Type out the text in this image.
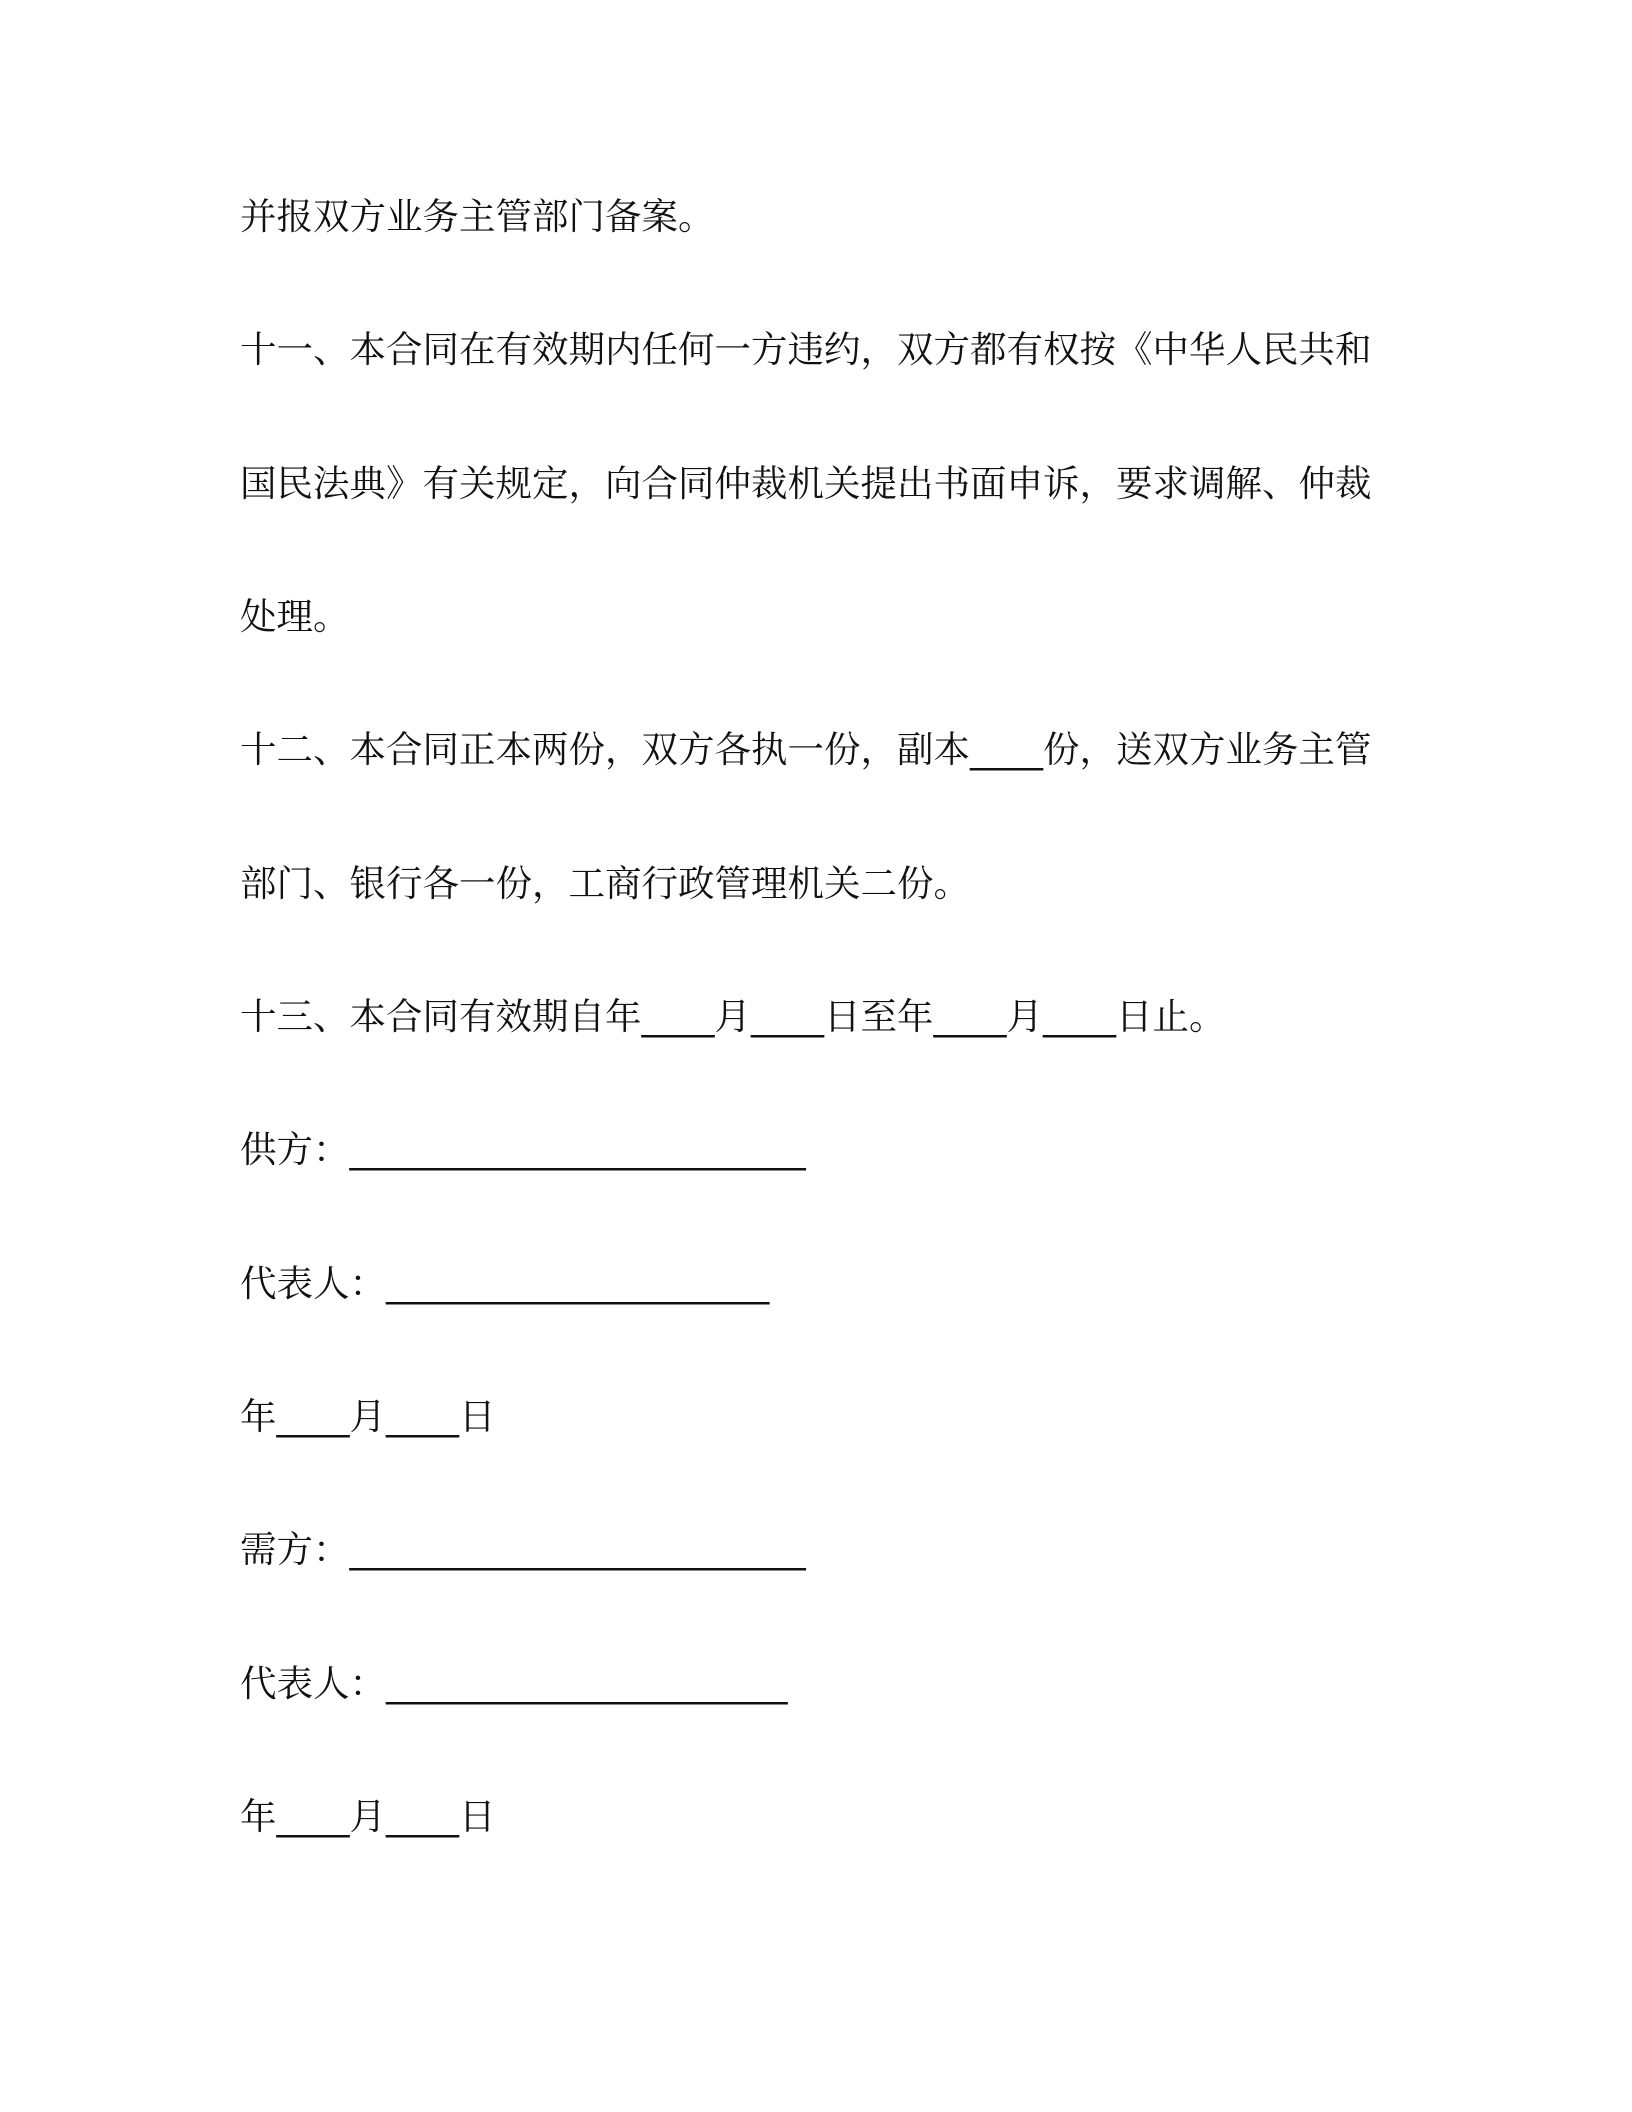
并报双方业务主管部门备案。
十一、本合同在有效期内任何一方违约，双方都有权按《中华人民共和
国民法典》有关规定，向合同仲裁机关提出书面申诉，要求调解、仲裁
处理。
十二、本合同正本两份，双方各执一份，副本____份，送双方业务主管
部门、银行各一份，工商行政管理机关二份。
十三、本合同有效期自年____月____日至年____月____日止。
供方：_________________________
代表人：_____________________
年____月____日
需方：_________________________
代表人：______________________
年____月____日
